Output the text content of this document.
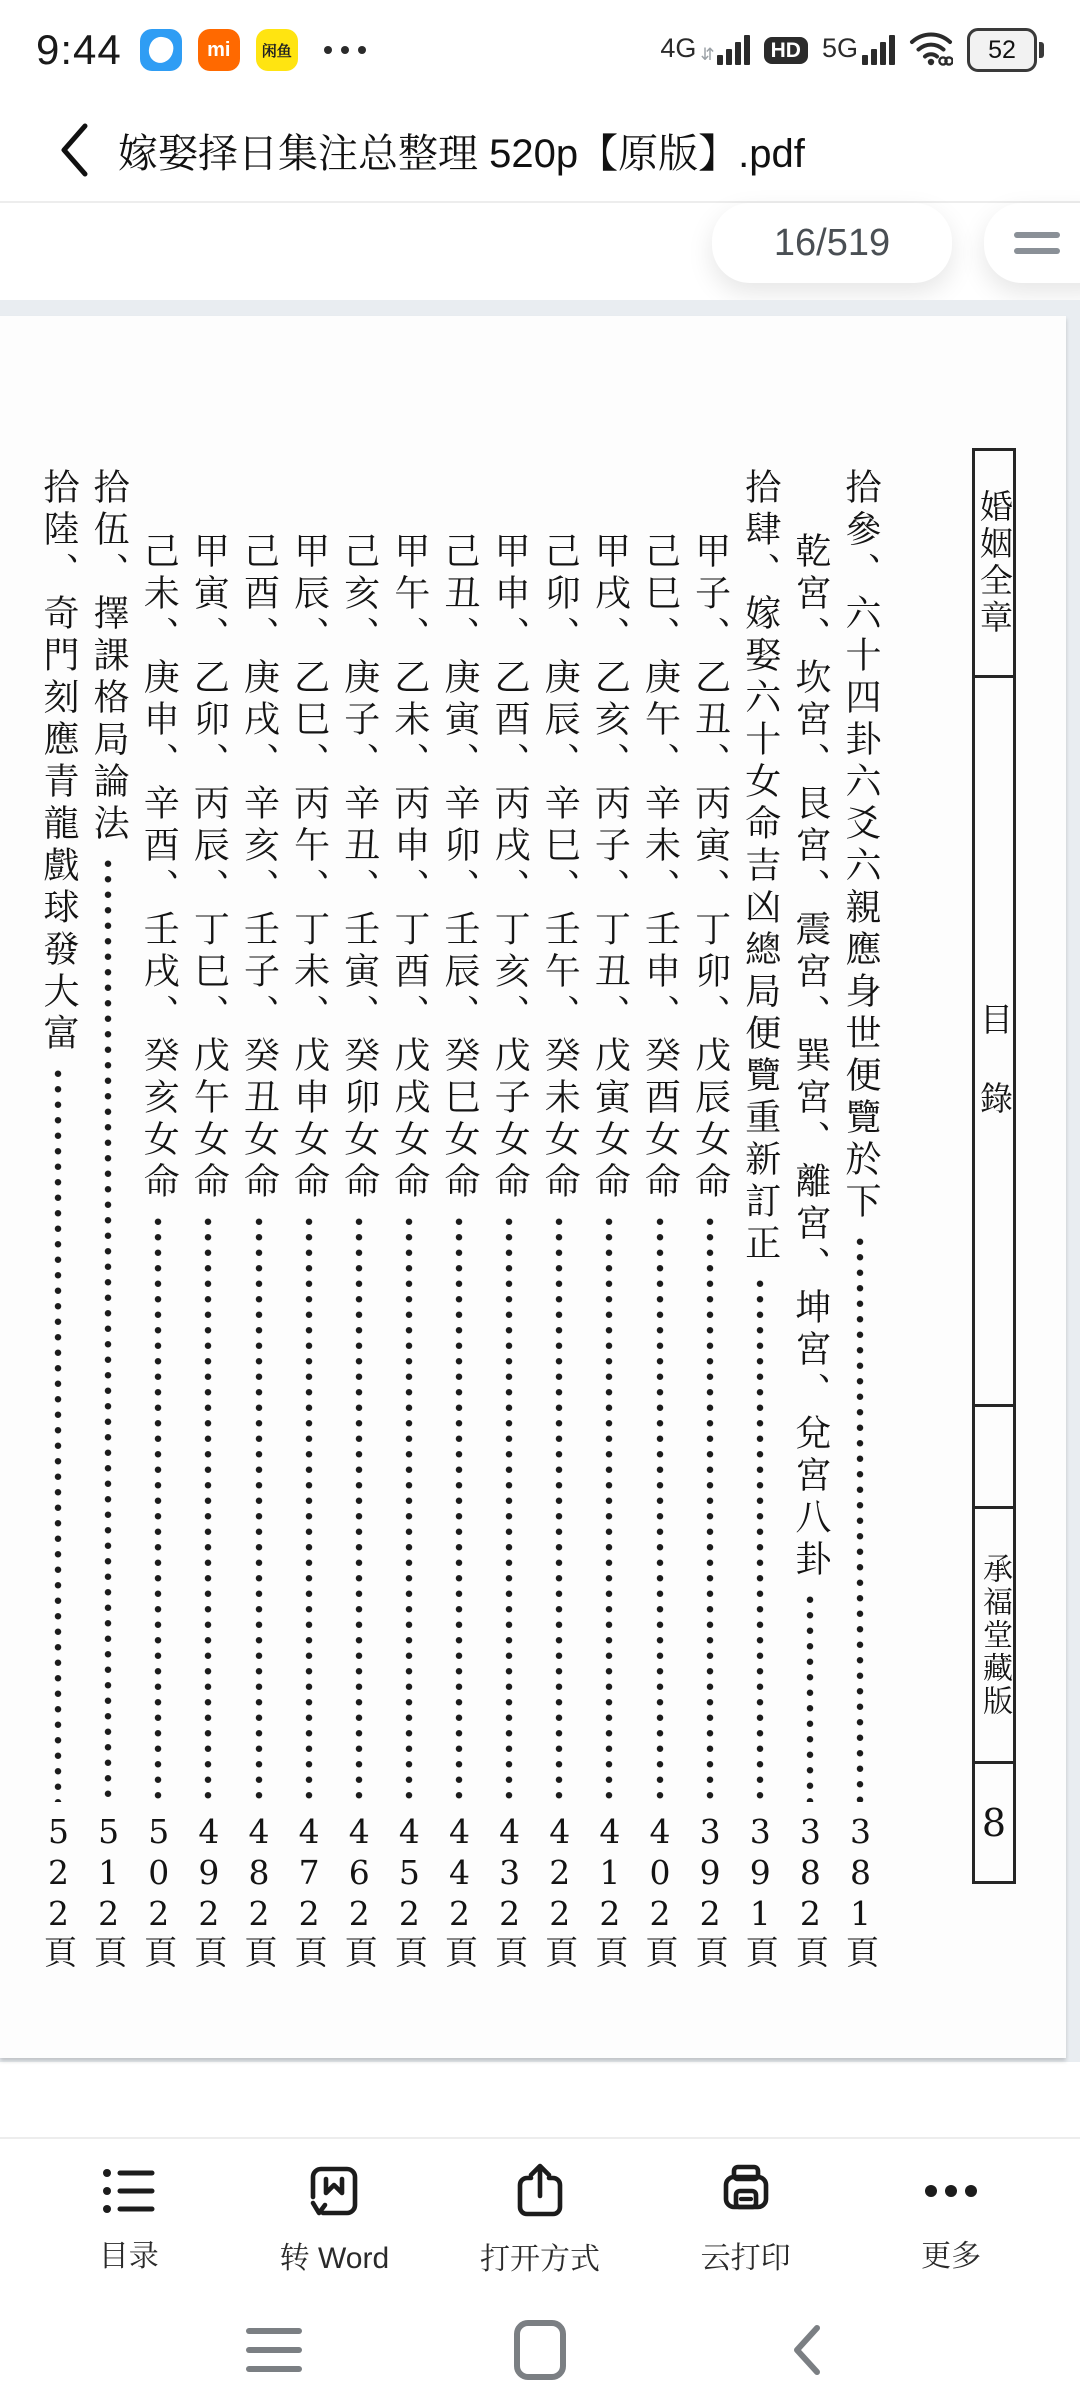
9:44	mi 闲鱼	4G ⇵	HD 5G	52
嫁娶择日集注总整理 520p【原版】.pdf
16/519
拾參、六十四卦六爻六親應身世便覽於下
381頁
乾宮、坎宮、艮宮、震宮、巽宮、離宮、坤宮、兌宮八卦
382頁
拾肆、嫁娶六十女命吉凶總局便覽重新訂正
391頁
甲子、乙丑、丙寅、丁卯、戊辰女命
392頁
己巳、庚午、辛未、壬申、癸酉女命
402頁
甲戌、乙亥、丙子、丁丑、戊寅女命
412頁
己卯、庚辰、辛巳、壬午、癸未女命
422頁
甲申、乙酉、丙戌、丁亥、戊子女命
432頁
己丑、庚寅、辛卯、壬辰、癸巳女命
442頁
甲午、乙未、丙申、丁酉、戊戌女命
452頁
己亥、庚子、辛丑、壬寅、癸卯女命
462頁
甲辰、乙巳、丙午、丁未、戊申女命
472頁
己酉、庚戌、辛亥、壬子、癸丑女命
482頁
甲寅、乙卯、丙辰、丁巳、戊午女命
492頁
己未、庚申、辛酉、壬戌、癸亥女命
502頁
拾伍、擇課格局論法
512頁
拾陸、奇門刻應青龍戲球發大富
522頁
婚姻全章
目錄
承福堂藏版
8
目录	转 Word	打开方式	云打印	更多
